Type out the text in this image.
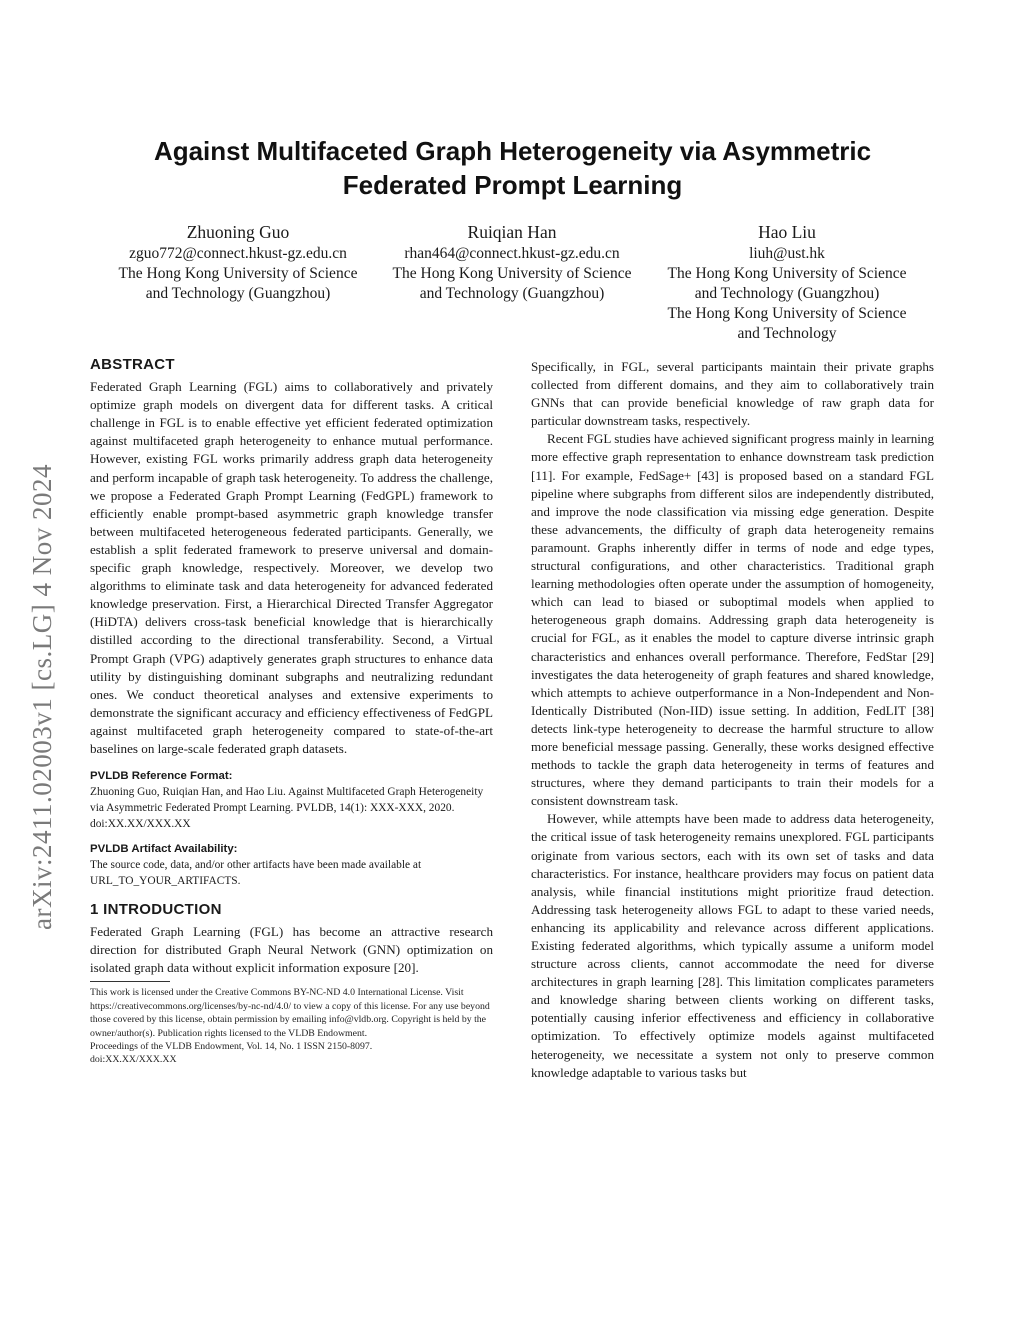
arXiv:2411.02003v1 [cs.LG] 4 Nov 2024
Against Multifaceted Graph Heterogeneity via Asymmetric
Federated Prompt Learning
Zhuoning Guo
zguo772@connect.hkust-gz.edu.cn
The Hong Kong University of Science
and Technology (Guangzhou)
Ruiqian Han
rhan464@connect.hkust-gz.edu.cn
The Hong Kong University of Science
and Technology (Guangzhou)
Hao Liu
liuh@ust.hk
The Hong Kong University of Science
and Technology (Guangzhou)
The Hong Kong University of Science
and Technology
ABSTRACT

Federated Graph Learning (FGL) aims to collaboratively and privately optimize graph models on divergent data for different tasks. A critical challenge in FGL is to enable effective yet efficient federated optimization against multifaceted graph heterogeneity to enhance mutual performance. However, existing FGL works primarily address graph data heterogeneity and perform incapable of graph task heterogeneity. To address the challenge, we propose a Federated Graph Prompt Learning (FedGPL) framework to efficiently enable prompt-based asymmetric graph knowledge transfer between multifaceted heterogeneous federated participants. Generally, we establish a split federated framework to preserve universal and domain-specific graph knowledge, respectively. Moreover, we develop two algorithms to eliminate task and data heterogeneity for advanced federated knowledge preservation. First, a Hierarchical Directed Transfer Aggregator (HiDTA) delivers cross-task beneficial knowledge that is hierarchically distilled according to the directional transferability. Second, a Virtual Prompt Graph (VPG) adaptively generates graph structures to enhance data utility by distinguishing dominant subgraphs and neutralizing redundant ones. We conduct theoretical analyses and extensive experiments to demonstrate the significant accuracy and efficiency effectiveness of FedGPL against multifaceted graph heterogeneity compared to state-of-the-art baselines on large-scale federated graph datasets.

PVLDB Reference Format:

Zhuoning Guo, Ruiqian Han, and Hao Liu. Against Multifaceted Graph Heterogeneity via Asymmetric Federated Prompt Learning. PVLDB, 14(1): XXX-XXX, 2020.

doi:XX.XX/XXX.XX

PVLDB Artifact Availability:

The source code, data, and/or other artifacts have been made available at URL_TO_YOUR_ARTIFACTS.

1 INTRODUCTION

Federated Graph Learning (FGL) has become an attractive research direction for distributed Graph Neural Network (GNN) optimization on isolated graph data without explicit information exposure [20].

This work is licensed under the Creative Commons BY-NC-ND 4.0 International License. Visit https://creativecommons.org/licenses/by-nc-nd/4.0/ to view a copy of this license. For any use beyond those covered by this license, obtain permission by emailing info@vldb.org. Copyright is held by the owner/author(s). Publication rights licensed to the VLDB Endowment.

Proceedings of the VLDB Endowment, Vol. 14, No. 1 ISSN 2150-8097.

doi:XX.XX/XXX.XX

Specifically, in FGL, several participants maintain their private graphs collected from different domains, and they aim to collaboratively train GNNs that can provide beneficial knowledge of raw graph data for particular downstream tasks, respectively.

Recent FGL studies have achieved significant progress mainly in learning more effective graph representation to enhance downstream task prediction [11]. For example, FedSage+ [43] is proposed based on a standard FGL pipeline where subgraphs from different silos are independently distributed, and improve the node classification via missing edge generation. Despite these advancements, the difficulty of graph data heterogeneity remains paramount. Graphs inherently differ in terms of node and edge types, structural configurations, and other characteristics. Traditional graph learning methodologies often operate under the assumption of homogeneity, which can lead to biased or suboptimal models when applied to heterogeneous graph domains. Addressing graph data heterogeneity is crucial for FGL, as it enables the model to capture diverse intrinsic graph characteristics and enhances overall performance. Therefore, FedStar [29] investigates the data heterogeneity of graph features and shared knowledge, which attempts to achieve outperformance in a Non-Independent and Non-Identically Distributed (Non-IID) issue setting. In addition, FedLIT [38] detects link-type heterogeneity to decrease the harmful structure to allow more beneficial message passing. Generally, these works designed effective methods to tackle the graph data heterogeneity in terms of features and structures, where they demand participants to train their models for a consistent downstream task.

However, while attempts have been made to address data heterogeneity, the critical issue of task heterogeneity remains unexplored. FGL participants originate from various sectors, each with its own set of tasks and data characteristics. For instance, healthcare providers may focus on patient data analysis, while financial institutions might prioritize fraud detection. Addressing task heterogeneity allows FGL to adapt to these varied needs, enhancing its applicability and relevance across different applications. Existing federated algorithms, which typically assume a uniform model structure across clients, cannot accommodate the need for diverse architectures in graph learning [28]. This limitation complicates parameters and knowledge sharing between clients working on different tasks, potentially causing inferior effectiveness and efficiency in collaborative optimization. To effectively optimize models against multifaceted heterogeneity, we necessitate a system not only to preserve common knowledge adaptable to various tasks but
